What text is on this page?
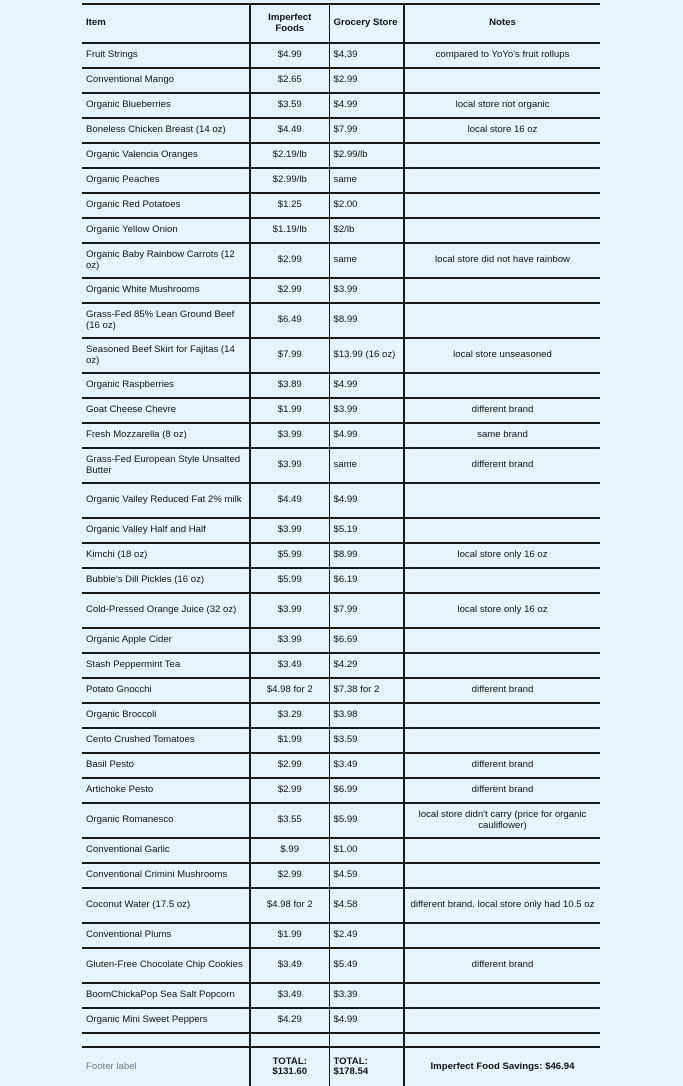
Item	Imperfect Foods	Grocery Store	Notes
Fruit Strings	$4.99	$4.39	compared to YoYo's fruit rollups
Conventional Mango	$2.65	$2.99	
Organic Blueberries	$3.59	$4.99	local store not organic
Boneless Chicken Breast (14 oz)	$4.49	$7.99	local store 16 oz
Organic Valencia Oranges	$2.19/lb	$2.99/lb	
Organic Peaches	$2.99/lb	same	
Organic Red Potatoes	$1.25	$2.00	
Organic Yellow Onion	$1.19/lb	$2/lb	
Organic Baby Rainbow Carrots (12 oz)	$2.99	same	local store did not have rainbow
Organic White Mushrooms	$2.99	$3.99	
Grass-Fed 85% Lean Ground Beef (16 oz)	$6.49	$8.99	
Seasoned Beef Skirt for Fajitas (14 oz)	$7.99	$13.99 (16 oz)	local store unseasoned
Organic Raspberries	$3.89	$4.99	
Goat Cheese Chevre	$1.99	$3.99	different brand
Fresh Mozzarella (8 oz)	$3.99	$4.99	same brand
Grass-Fed European Style Unsalted Butter	$3.99	same	different brand
Organic Valley Reduced Fat 2% milk	$4.49	$4.99	
Organic Valley Half and Half	$3.99	$5.19	
Kimchi (18 oz)	$5.99	$8.99	local store only 16 oz
Bubbie's Dill Pickles (16 oz)	$5.99	$6.19	
Cold-Pressed Orange Juice (32 oz)	$3.99	$7.99	local store only 16 oz
Organic Apple Cider	$3.99	$6.69	
Stash Peppermint Tea	$3.49	$4.29	
Potato Gnocchi	$4.98 for 2	$7.38 for 2	different brand
Organic Broccoli	$3.29	$3.98	
Cento Crushed Tomatoes	$1.99	$3.59	
Basil Pesto	$2.99	$3.49	different brand
Artichoke Pesto	$2.99	$6.99	different brand
Organic Romanesco	$3.55	$5.99	local store didn't carry (price for organic cauliflower)
Conventional Garlic	$.99	$1.00	
Conventional Crimini Mushrooms	$2.99	$4.59	
Coconut Water (17.5 oz)	$4.98 for 2	$4.58	different brand. local store only had 10.5 oz
Conventional Plums	$1.99	$2.49	
Gluten-Free Chocolate Chip Cookies	$3.49	$5.49	different brand
BoomChickaPop Sea Salt Popcorn	$3.49	$3.39	
Organic Mini Sweet Peppers	$4.29	$4.99	

Footer label	TOTAL: $131.60	TOTAL: $178.54	Imperfect Food Savings: $46.94
